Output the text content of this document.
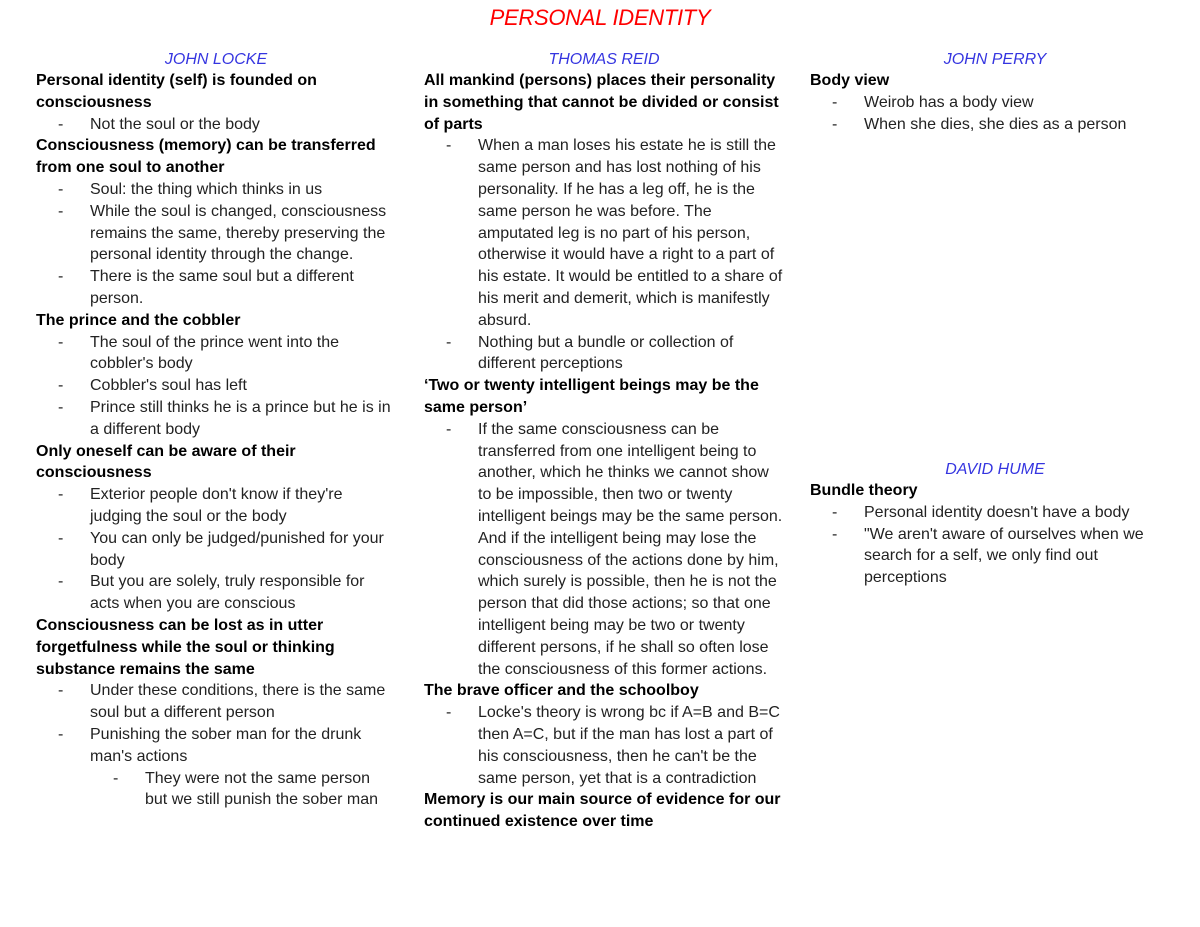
PERSONAL IDENTITY
JOHN LOCKE
Personal identity (self) is founded on consciousness
- Not the soul or the body
Consciousness (memory) can be transferred from one soul to another
- Soul: the thing which thinks in us
- While the soul is changed, consciousness remains the same, thereby preserving the personal identity through the change.
- There is the same soul but a different person.
The prince and the cobbler
- The soul of the prince went into the cobbler's body
- Cobbler's soul has left
- Prince still thinks he is a prince but he is in a different body
Only oneself can be aware of their consciousness
- Exterior people don't know if they're judging the soul or the body
- You can only be judged/punished for your body
- But you are solely, truly responsible for acts when you are conscious
Consciousness can be lost as in utter forgetfulness while the soul or thinking substance remains the same
- Under these conditions, there is the same soul but a different person
- Punishing the sober man for the drunk man's actions
- They were not the same person but we still punish the sober man
THOMAS REID
All mankind (persons) places their personality in something that cannot be divided or consist of parts
- When a man loses his estate he is still the same person and has lost nothing of his personality. If he has a leg off, he is the same person he was before. The amputated leg is no part of his person, otherwise it would have a right to a part of his estate. It would be entitled to a share of his merit and demerit, which is manifestly absurd.
- Nothing but a bundle or collection of different perceptions
‘Two or twenty intelligent beings may be the same person’
- If the same consciousness can be transferred from one intelligent being to another, which he thinks we cannot show to be impossible, then two or twenty intelligent beings may be the same person. And if the intelligent being may lose the consciousness of the actions done by him, which surely is possible, then he is not the person that did those actions; so that one intelligent being may be two or twenty different persons, if he shall so often lose the consciousness of this former actions.
The brave officer and the schoolboy
- Locke's theory is wrong bc if A=B and B=C then A=C, but if the man has lost a part of his consciousness, then he can't be the same person, yet that is a contradiction
Memory is our main source of evidence for our continued existence over time
JOHN PERRY
Body view
- Weirob has a body view
- When she dies, she dies as a person
DAVID HUME
Bundle theory
- Personal identity doesn't have a body
- "We aren't aware of ourselves when we search for a self, we only find out perceptions
